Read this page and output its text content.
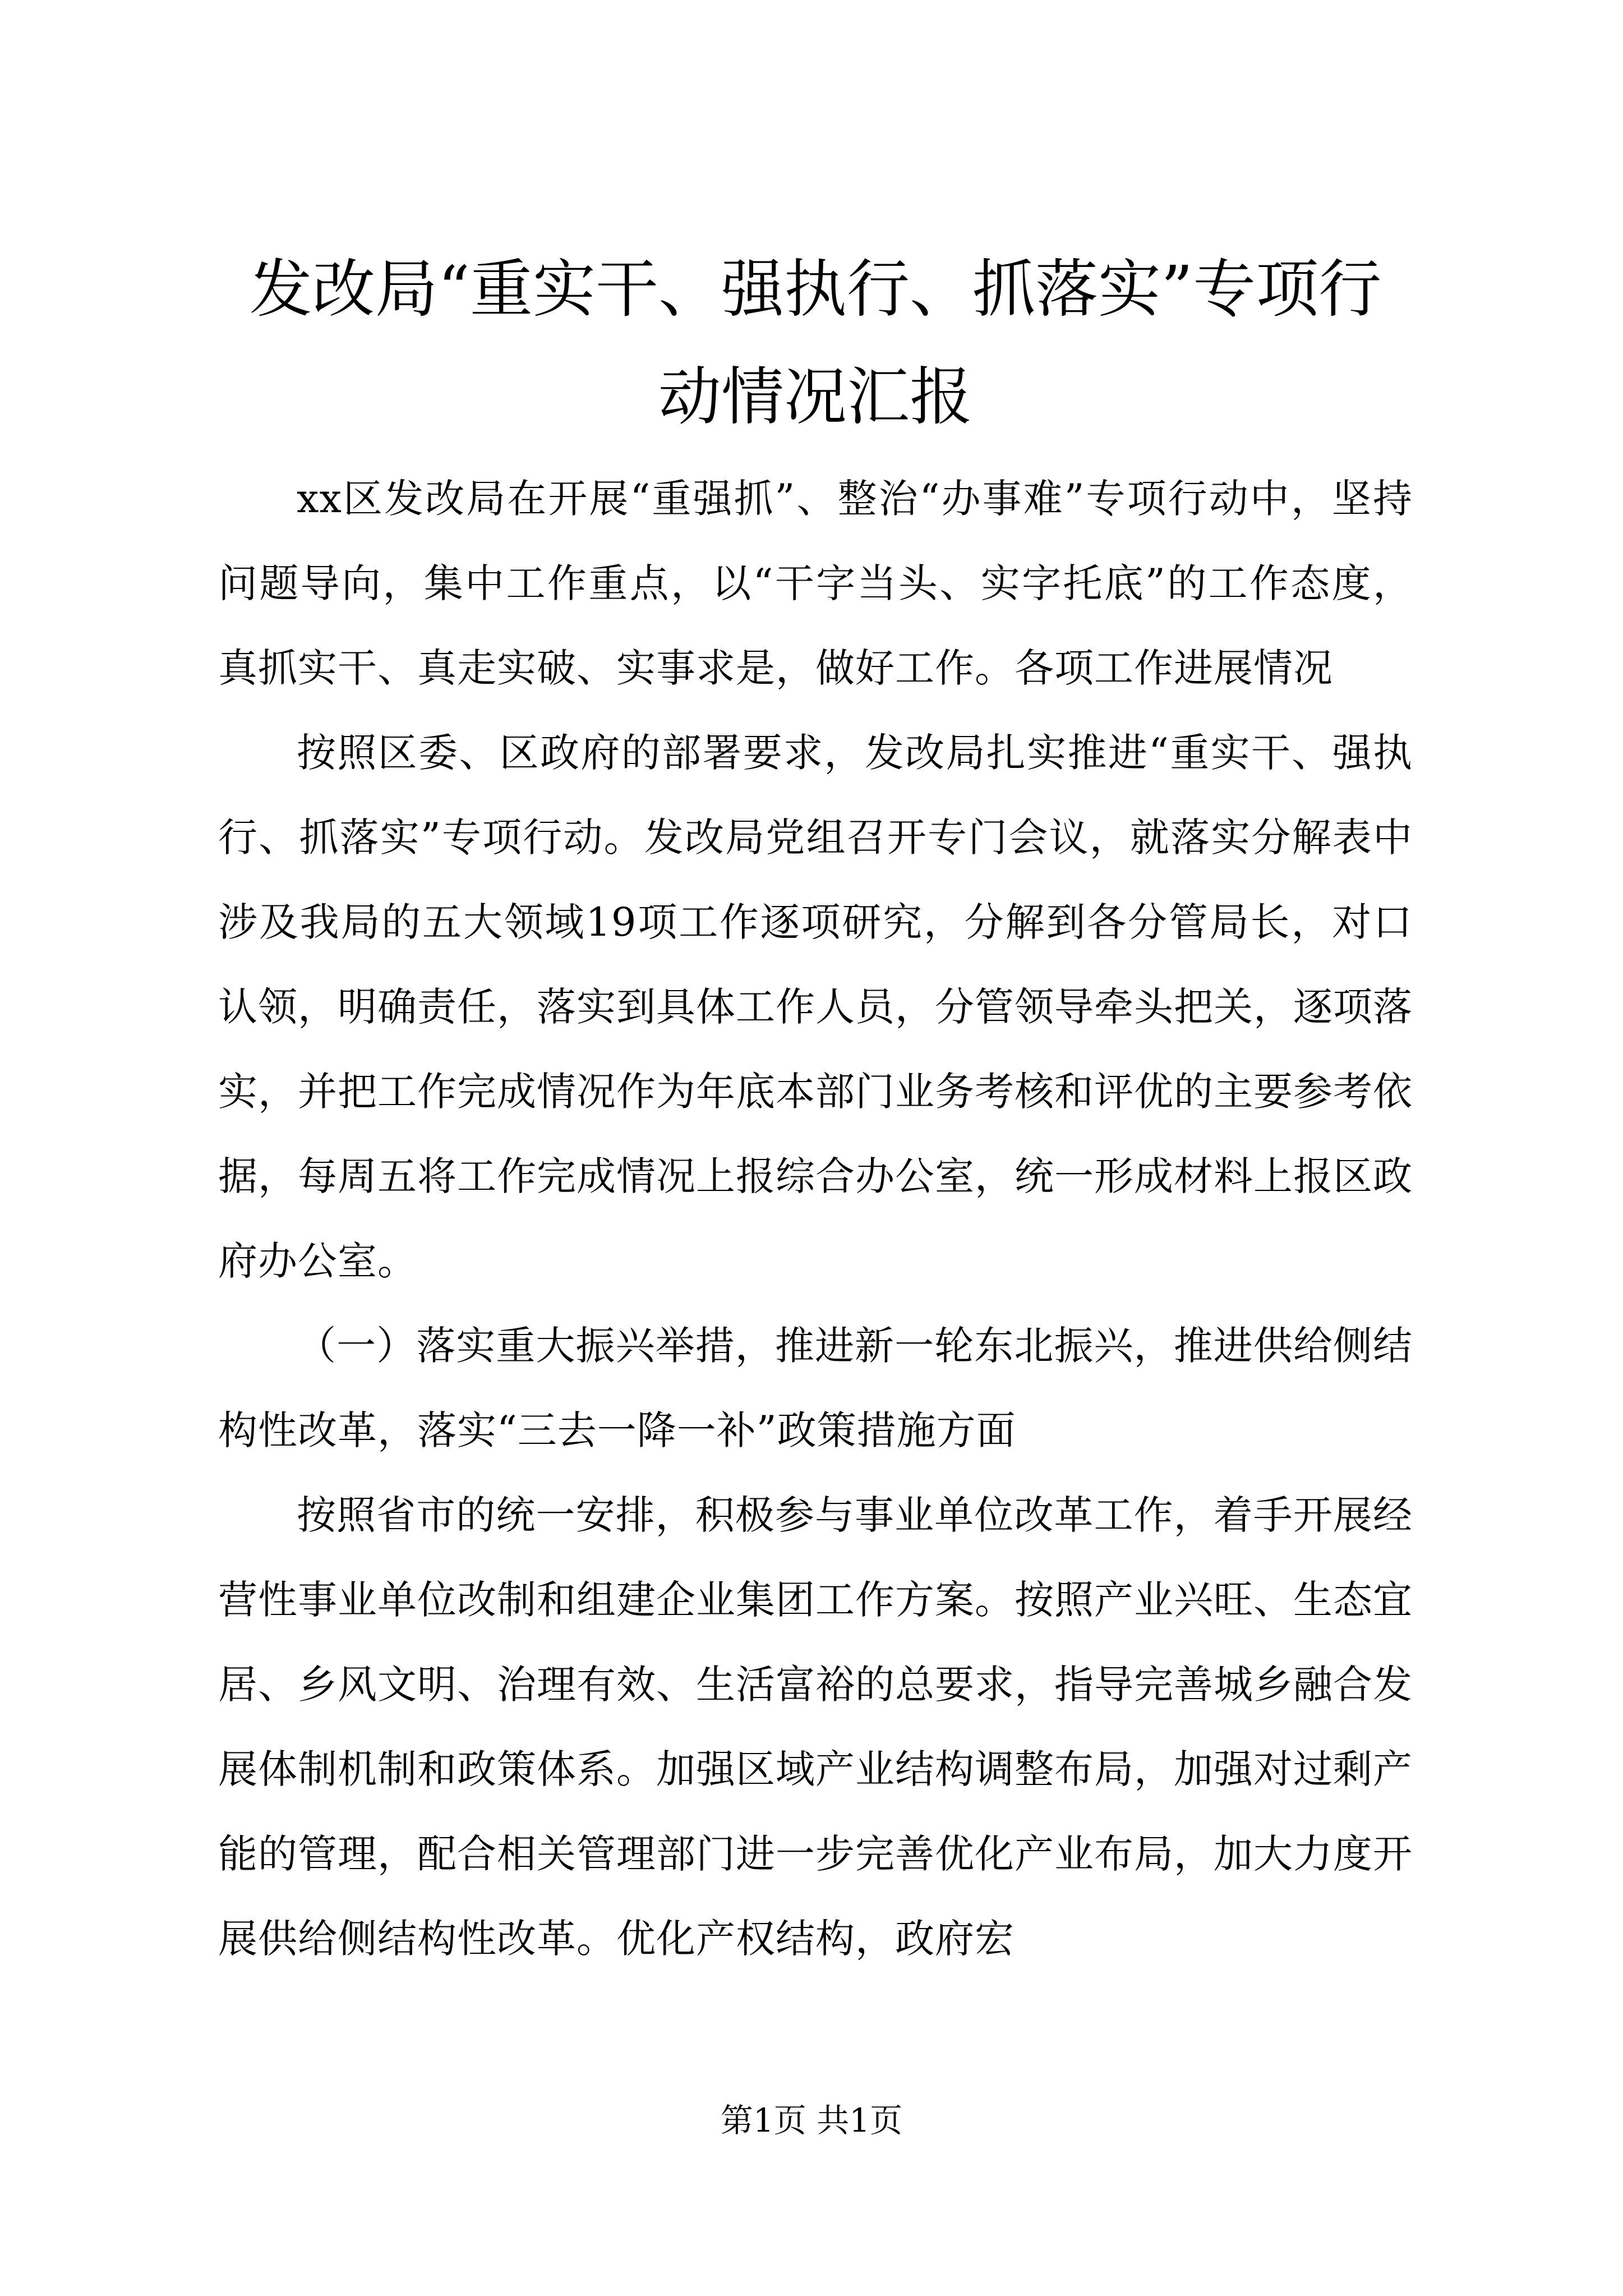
发改局“重实干、强执行、抓落实”专项行动情况汇报

xx区发改局在开展“重强抓”、整治“办事难”专项行动中，坚持问题导向，集中工作重点，以“干字当头、实字托底”的工作态度，真抓实干、真走实破、实事求是，做好工作。各项工作进展情况

按照区委、区政府的部署要求，发改局扎实推进“重实干、强执行、抓落实”专项行动。发改局党组召开专门会议，就落实分解表中涉及我局的五大领域19项工作逐项研究，分解到各分管局长，对口认领，明确责任，落实到具体工作人员，分管领导牵头把关，逐项落实，并把工作完成情况作为年底本部门业务考核和评优的主要参考依据，每周五将工作完成情况上报综合办公室，统一形成材料上报区政府办公室。

（一）落实重大振兴举措，推进新一轮东北振兴，推进供给侧结构性改革，落实“三去一降一补”政策措施方面

按照省市的统一安排，积极参与事业单位改革工作，着手开展经营性事业单位改制和组建企业集团工作方案。按照产业兴旺、生态宜居、乡风文明、治理有效、生活富裕的总要求，指导完善城乡融合发展体制机制和政策体系。加强区域产业结构调整布局，加强对过剩产能的管理，配合相关管理部门进一步完善优化产业布局，加大力度开展供给侧结构性改革。优化产权结构，政府宏

第1页 共1页
